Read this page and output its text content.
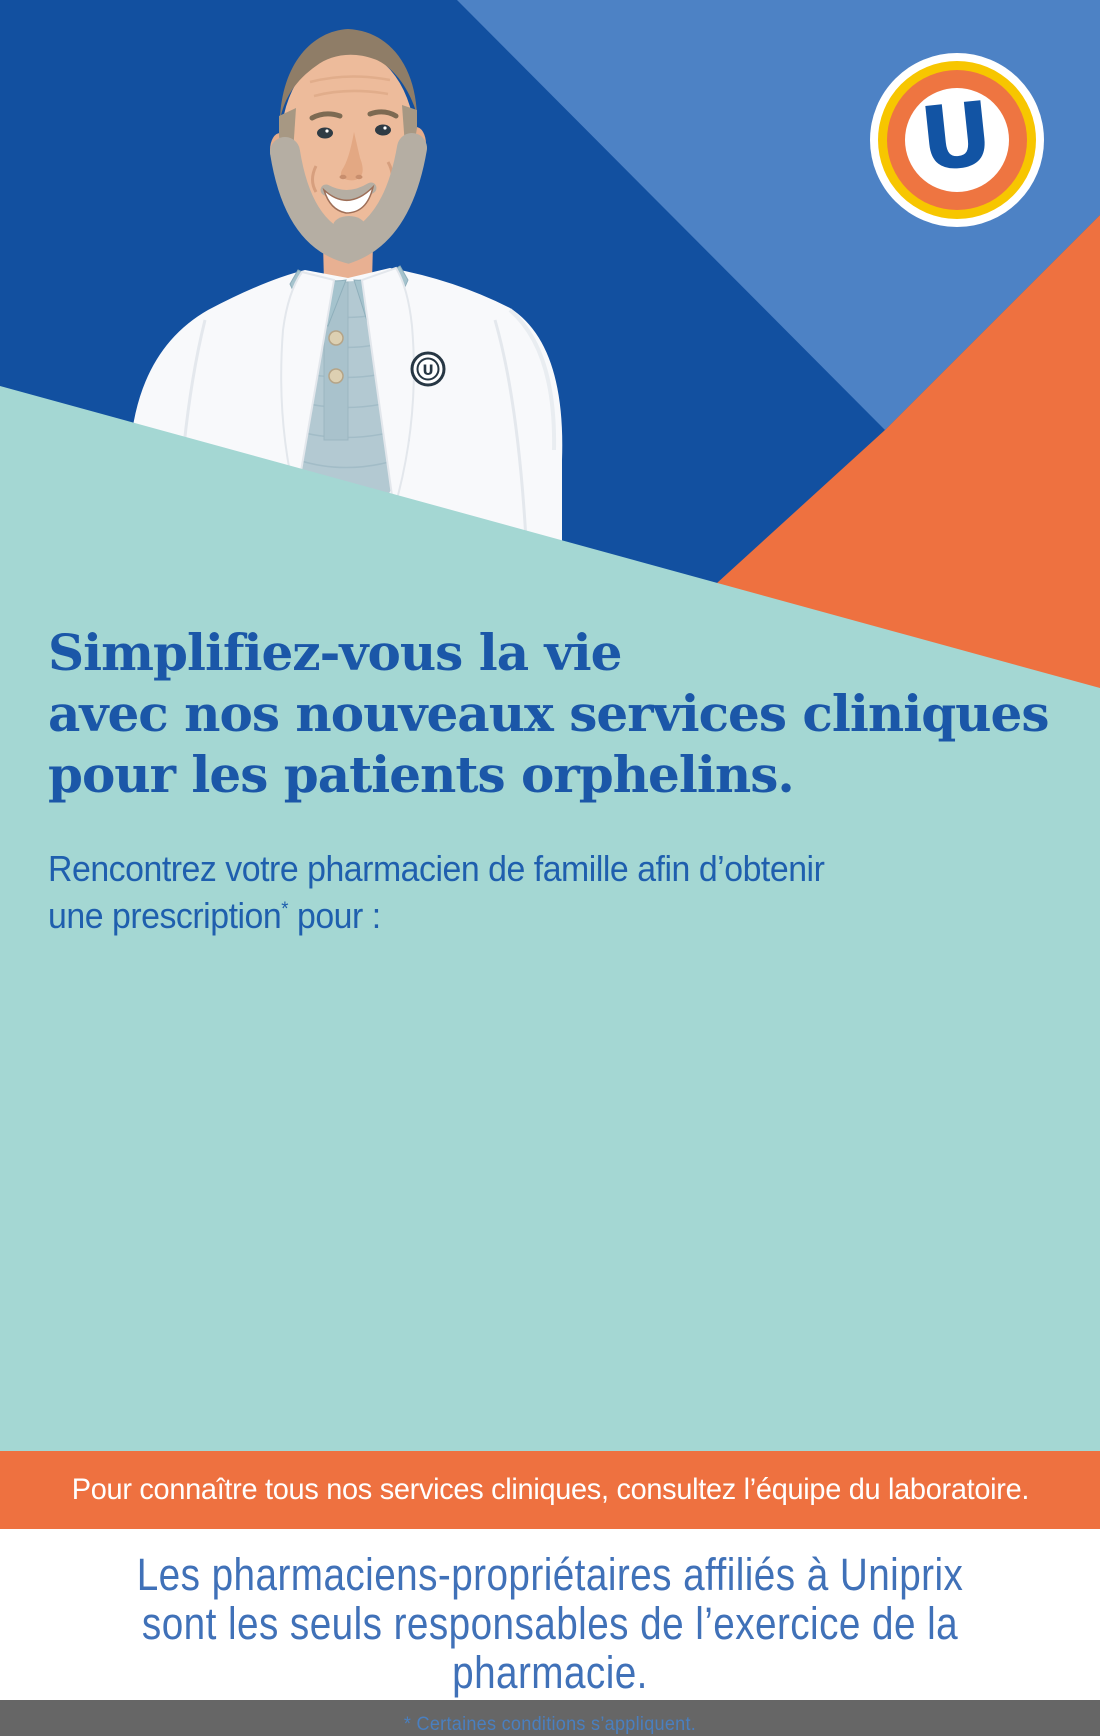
U
U
Simplifiez-vous la vie
avec nos nouveaux services cliniques
pour les patients orphelins.

Rencontrez votre pharmacien de famille afin d’obtenir
une prescription* pour :

Pour connaître tous nos services cliniques, consultez l’équipe du laboratoire.

Les pharmaciens-propriétaires affiliés à Uniprix
sont les seuls responsables de l’exercice de la pharmacie.
* Certaines conditions s’appliquent.
